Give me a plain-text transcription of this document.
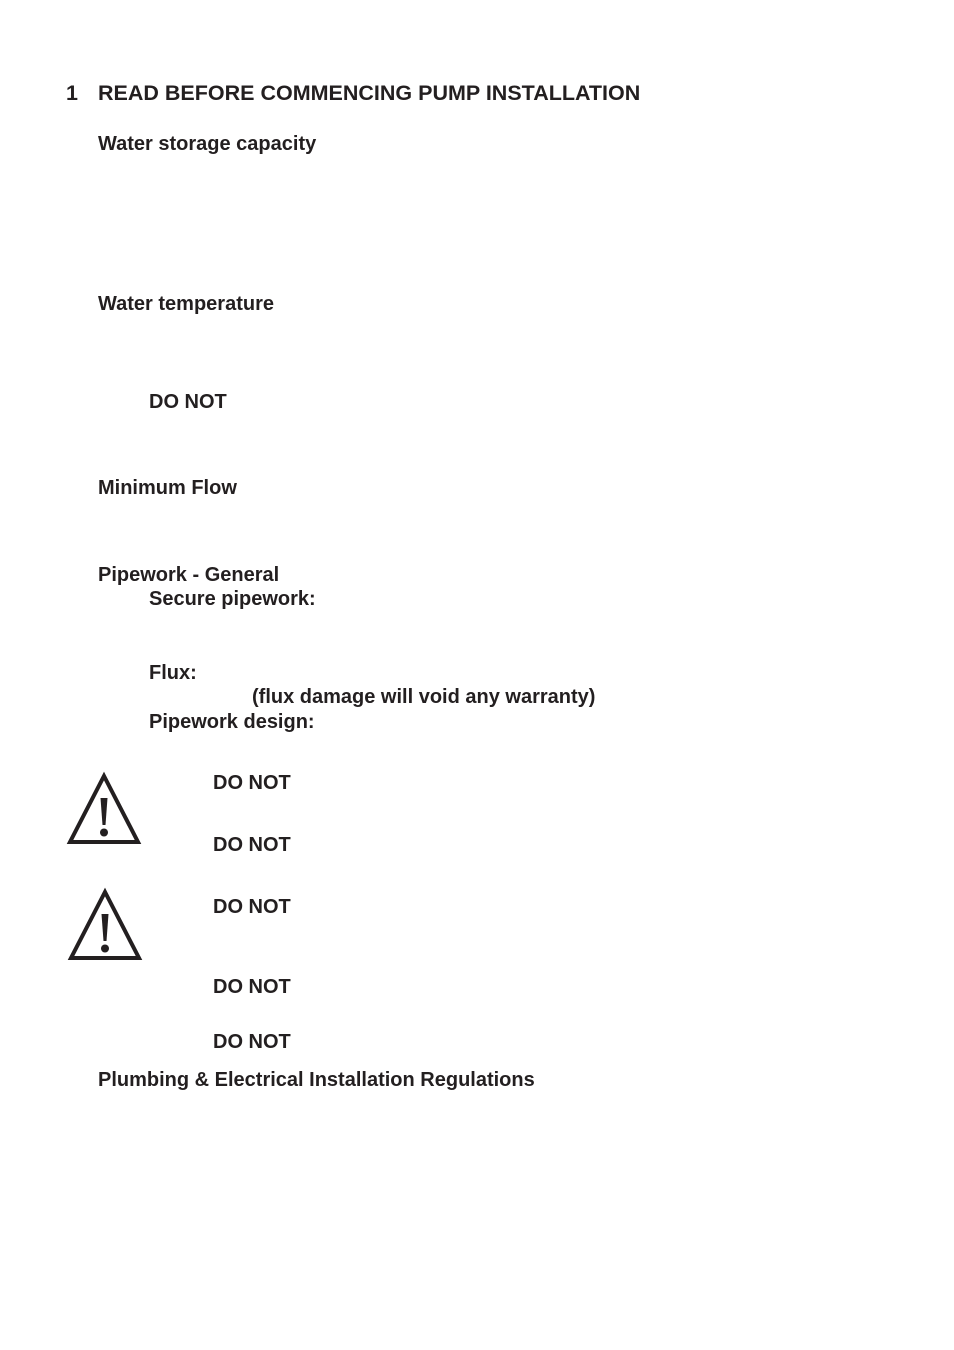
1 READ BEFORE COMMENCING PUMP INSTALLATION
Water storage capacity
Water temperature
DO NOT
Minimum Flow
Pipework - General
Secure pipework:
Flux:
(flux damage will void any warranty)
Pipework design:
DO NOT
DO NOT
DO NOT
DO NOT
DO NOT
Plumbing & Electrical Installation Regulations
